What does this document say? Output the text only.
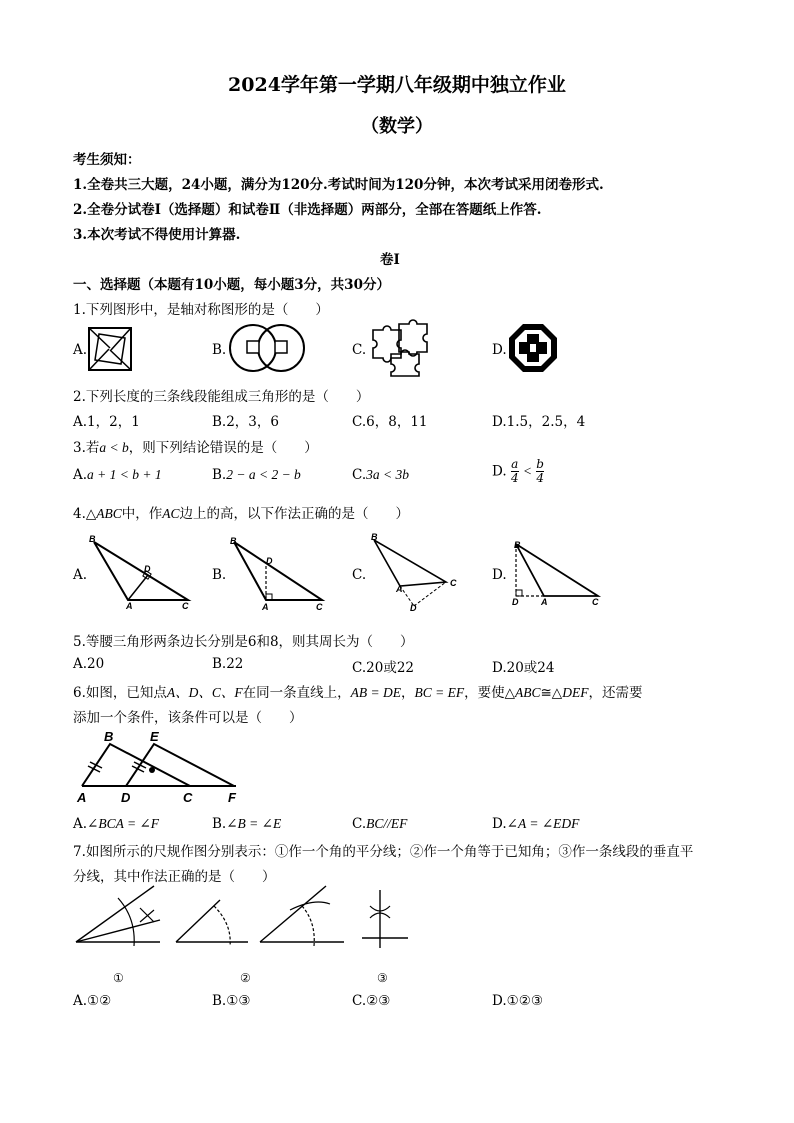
2024学年第一学期八年级期中独立作业
（数学）
考生须知：
1.全卷共三大题，24小题，满分为120分.考试时间为120分钟，本次考试采用闭卷形式.
2.全卷分试卷Ⅰ（选择题）和试卷Ⅱ（非选择题）两部分，全部在答题纸上作答.
3.本次考试不得使用计算器.
卷Ⅰ
一、选择题（本题有10小题，每小题3分，共30分）
1.下列图形中，是轴对称图形的是（　　）
A.	B.	C.	D.
2.下列长度的三条线段能组成三角形的是（　　）
A.1，2，1	B.2，3，6	C.6，8，11	D.1.5，2.5，4
3.若a < b，则下列结论错误的是（　　）
A.a + 1 < b + 1	B.2 − a < 2 − b	C.3a < 3b	D. $\frac{a}{4} < \frac{b}{4}$
4.△ABC中，作AC边上的高，以下作法正确的是（　　）
A.
B
D
A	C
B.
B
D
A	C
C.
B
D
A
C	D.
B
D	A	C
5.等腰三角形两条边长分别是6和8，则其周长为（　　）
A.20	B.22	C.20或22	D.20或24
6.如图，已知点A、D、C、F在同一条直线上，AB = DE，BC = EF，要使△ABC≅△DEF，还需要
添加一个条件，该条件可以是（　　）
B	E
A	D	C	F
A.∠BCA = ∠F	B.∠B = ∠E	C.BC//EF	D.∠A = ∠EDF
7.如图所示的尺规作图分别表示：①作一个角的平分线；②作一个角等于已知角；③作一条线段的垂直平
分线，其中作法正确的是（　　）
①	②	③
A.①②	B.①③	C.②③	D.①②③
